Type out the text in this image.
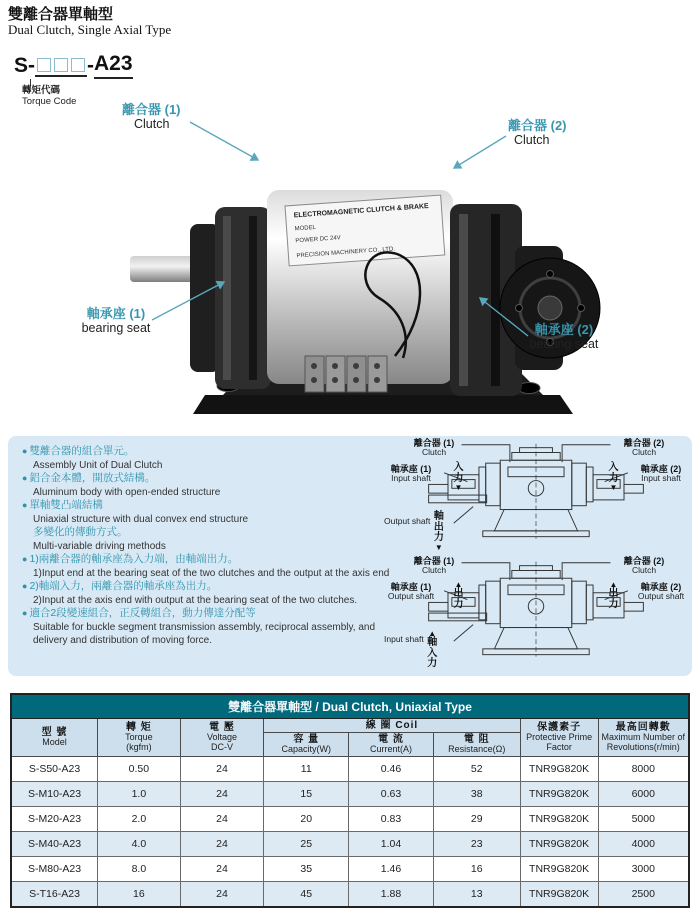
雙離合器單軸型
Dual Clutch, Single Axial Type
S- - A23
轉矩代碼
Torque Code
ELECTROMAGNETIC CLUTCH & BRAKE
MODEL
POWER DC 24V
PRECISION MACHINERY CO., LTD.
離合器 (1)
Clutch	離合器 (2)
Clutch
軸承座 (1)
bearing seat	軸承座 (2)
bearing seat
● 雙離合器的組合單元。
Assembly Unit of Dual Clutch
● 鋁合金本體，開放式結構。
Aluminum body with open-ended structure
● 單軸雙凸端結構
Uniaxial structure with dual convex end structure
多變化的傳動方式。
Multi-variable driving methods
● 1)兩離合器的軸承座為入力端，由軸端出力。
1)Input end at the bearing seat of the two clutches and the output at the axis end
● 2)軸端入力，兩離合器的軸承座為出力。
2)Input at the axis end with output at the bearing seat of the two clutches.
● 適合2段變速組合，正反轉組合，動力傳達分配等
Suitable for buckle segment transmission assembly, reciprocal assembly, and delivery and distribution of moving force.
離合器 (1)
Clutch
離合器 (2)
Clutch
軸承座 (1)
Input shaft
軸承座 (2)
Input shaft
入力
▼
入力
▼
Output shaft 軸出力
▼
離合器 (1)
Clutch
離合器 (2)
Clutch
軸承座 (1)
Output shaft
軸承座 (2)
Output shaft
▲
出力
▲
出力
Input shaft
▲
軸入力
雙離合器單軸型 / Dual Clutch, Uniaxial Type							

型 號
Model	轉 矩
Torque
(kgfm)	電 壓
Voltage
DC-V	線 圈 Coil			保護素子
Protective Prime
Factor	最高回轉數
Maximum Number of
Revolutions(r/min)

			容 量
Capacity(W)	電 流
Current(A)	電 阻
Resistance(Ω)		

S-S50-A23	0.50	24	11	0.46	52	TNR9G820K	8000
S-M10-A23	1.0	24	15	0.63	38	TNR9G820K	6000
S-M20-A23	2.0	24	20	0.83	29	TNR9G820K	5000
S-M40-A23	4.0	24	25	1.04	23	TNR9G820K	4000
S-M80-A23	8.0	24	35	1.46	16	TNR9G820K	3000
S-T16-A23	16	24	45	1.88	13	TNR9G820K	2500
